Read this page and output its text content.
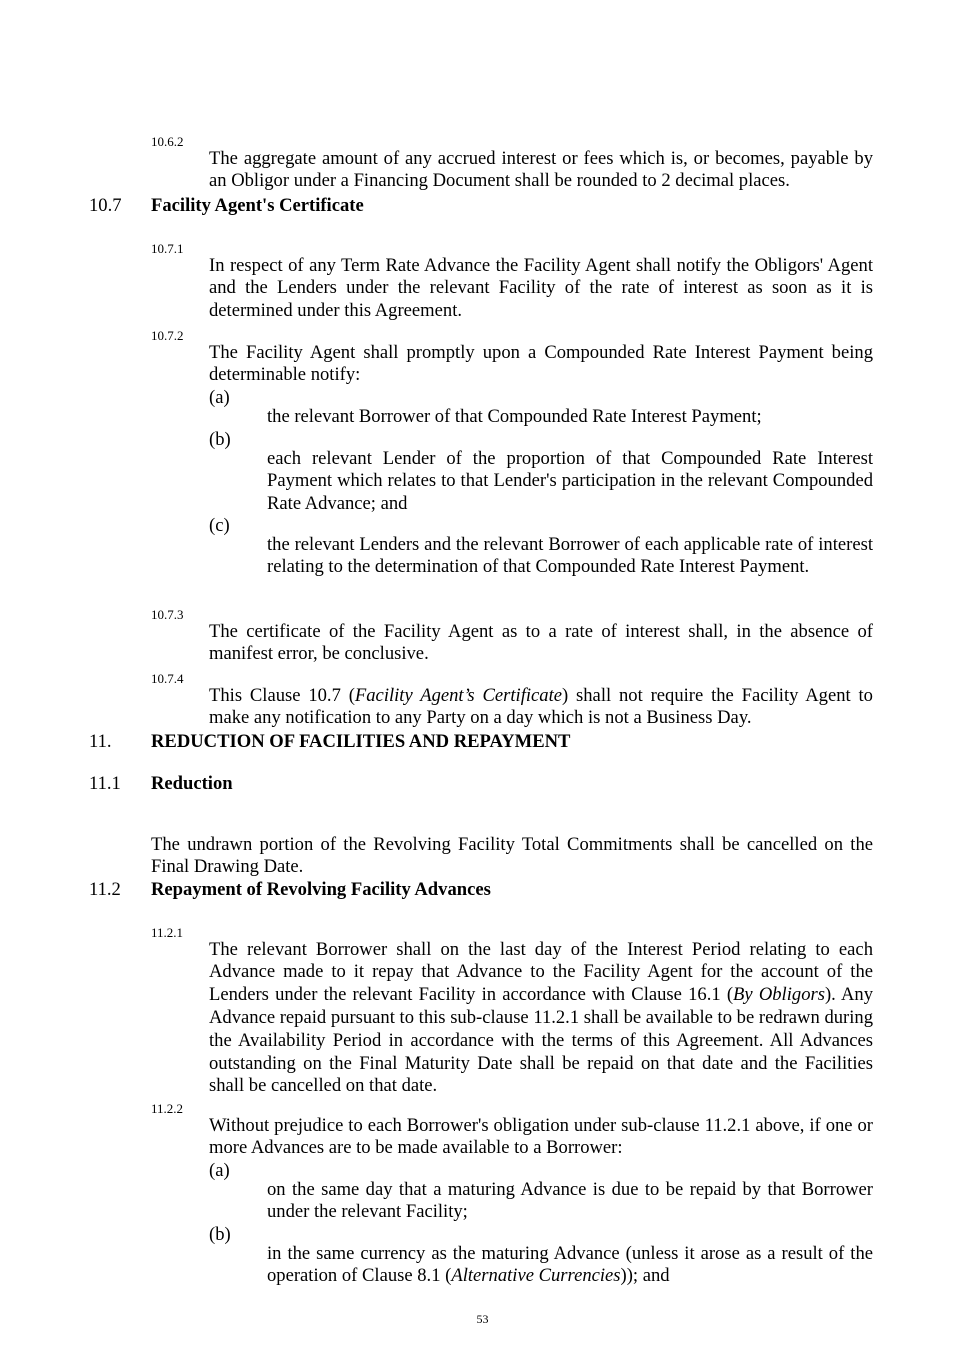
10.6.2

The aggregate amount of any accrued interest or fees which is, or becomes, payable by an Obligor under a Financing Document shall be rounded to 2 decimal places.

10.7 Facility Agent's Certificate
10.7.1

In respect of any Term Rate Advance the Facility Agent shall notify the Obligors' Agent and the Lenders under the relevant Facility of the rate of interest as soon as it is determined under this Agreement.

10.7.2

The Facility Agent shall promptly upon a Compounded Rate Interest Payment being determinable notify:

(a)

the relevant Borrower of that Compounded Rate Interest Payment;

(b)

each relevant Lender of the proportion of that Compounded Rate Interest Payment which relates to that Lender's participation in the relevant Compounded Rate Advance; and

(c)

the relevant Lenders and the relevant Borrower of each applicable rate of interest relating to the determination of that Compounded Rate Interest Payment.

10.7.3

The certificate of the Facility Agent as to a rate of interest shall, in the absence of manifest error, be conclusive.

10.7.4

This Clause 10.7 (Facility Agent’s Certificate) shall not require the Facility Agent to make any notification to any Party on a day which is not a Business Day.

11. REDUCTION OF FACILITIES AND REPAYMENT
11.1 Reduction

The undrawn portion of the Revolving Facility Total Commitments shall be cancelled on the Final Drawing Date.

11.2 Repayment of Revolving Facility Advances
11.2.1

The relevant Borrower shall on the last day of the Interest Period relating to each Advance made to it repay that Advance to the Facility Agent for the account of the Lenders under the relevant Facility in accordance with Clause 16.1 (By Obligors). Any Advance repaid pursuant to this sub-clause 11.2.1 shall be available to be redrawn during the Availability Period in accordance with the terms of this Agreement. All Advances outstanding on the Final Maturity Date shall be repaid on that date and the Facilities shall be cancelled on that date.

11.2.2

Without prejudice to each Borrower's obligation under sub-clause 11.2.1 above, if one or more Advances are to be made available to a Borrower:

(a)

on the same day that a maturing Advance is due to be repaid by that Borrower under the relevant Facility;

(b)

in the same currency as the maturing Advance (unless it arose as a result of the operation of Clause 8.1 (Alternative Currencies)); and

53
